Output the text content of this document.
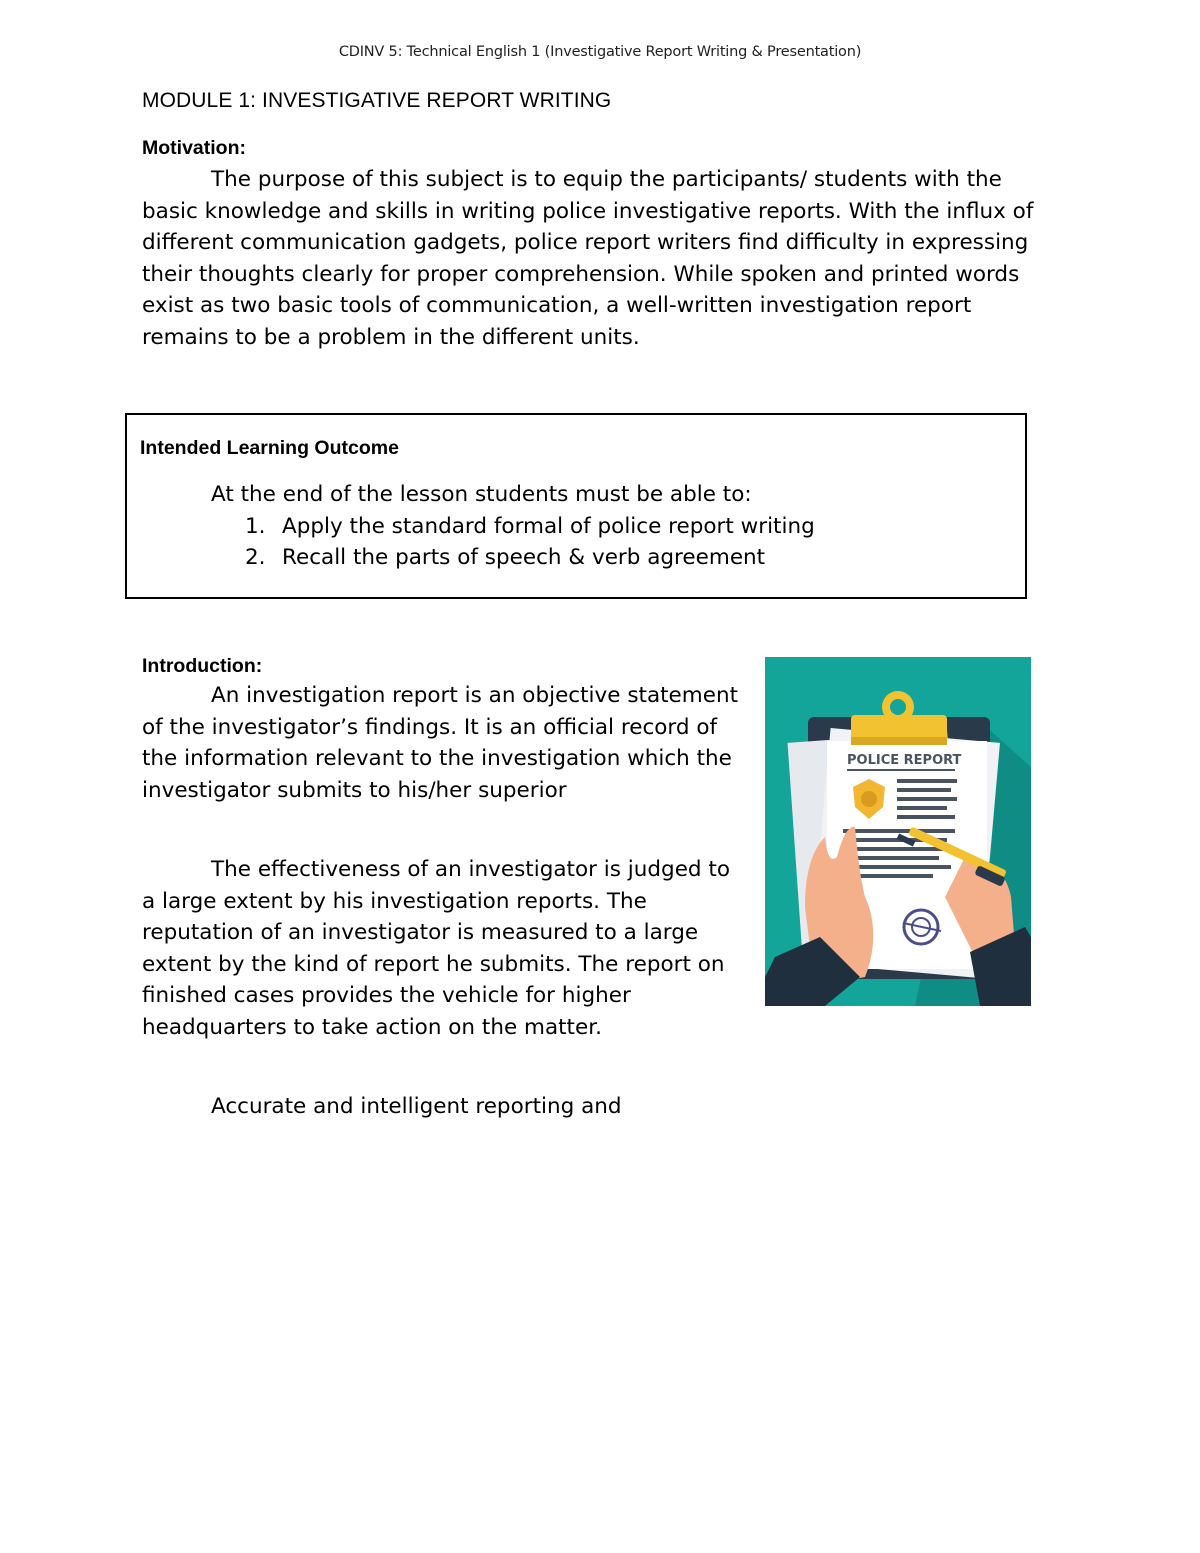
CDINV 5: Technical English 1 (Investigative Report Writing & Presentation)
MODULE 1: INVESTIGATIVE REPORT WRITING
Motivation:

The purpose of this subject is to equip the participants/ students with the basic knowledge and skills in writing police investigative reports. With the influx of different communication gadgets, police report writers find difficulty in expressing their thoughts clearly for proper comprehension. While spoken and printed words exist as two basic tools of communication, a well-written investigation report remains to be a problem in the different units.

Intended Learning Outcome
At the end of the lesson students must be able to:
1. Apply the standard formal of police report writing
2. Recall the parts of speech & verb agreement
Introduction:

An investigation report is an objective statement of the investigator’s findings. It is an official record of the information relevant to the investigation which the investigator submits to his/her superior

The effectiveness of an investigator is judged to a large extent by his investigation reports. The reputation of an investigator is measured to a large extent by the kind of report he submits. The report on finished cases provides the vehicle for higher headquarters to take action on the matter.

Accurate and intelligent reporting and

POLICE REPORT
